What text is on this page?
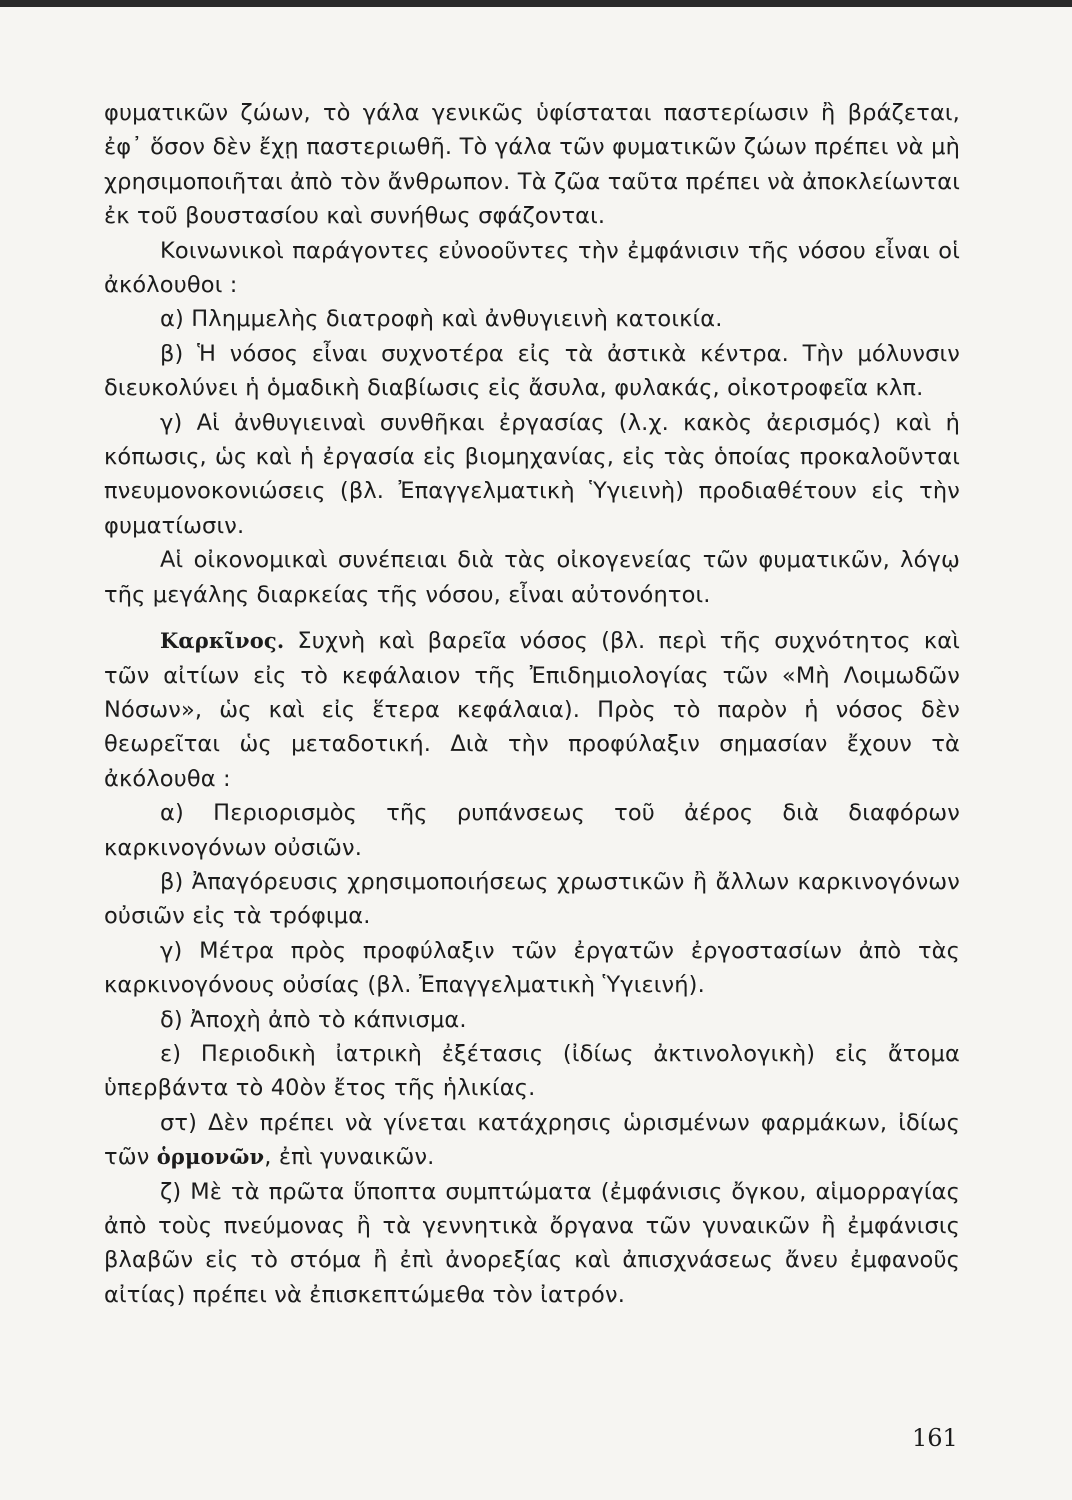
φυματικῶν ζώων, τὸ γάλα γενικῶς ὑφίσταται παστερίωσιν ἢ βράζεται, ἐφ᾽ ὅσον δὲν ἔχῃ παστεριωθῆ. Τὸ γάλα τῶν φυματικῶν ζώων πρέπει νὰ μὴ χρησιμοποιῆται ἀπὸ τὸν ἄνθρωπον. Τὰ ζῶα ταῦτα πρέπει νὰ ἀποκλείωνται ἐκ τοῦ βουστασίου καὶ συνήθως σφάζονται.

Κοινωνικοὶ παράγοντες εὐνοοῦντες τὴν ἐμφάνισιν τῆς νόσου εἶναι οἱ ἀκόλουθοι :

α) Πλημμελὴς διατροφὴ καὶ ἀνθυγιεινὴ κατοικία.

β) Ἡ νόσος εἶναι συχνοτέρα εἰς τὰ ἀστικὰ κέντρα. Τὴν μόλυνσιν διευκολύνει ἡ ὁμαδικὴ διαβίωσις εἰς ἄσυλα, φυλακάς, οἰκοτροφεῖα κλπ.

γ) Αἱ ἀνθυγιειναὶ συνθῆκαι ἐργασίας (λ.χ. κακὸς ἀερισμός) καὶ ἡ κόπωσις, ὡς καὶ ἡ ἐργασία εἰς βιομηχανίας, εἰς τὰς ὁποίας προκαλοῦνται πνευμονοκονιώσεις (βλ. Ἐπαγγελματικὴ Ὑγιεινὴ) προδιαθέτουν εἰς τὴν φυματίωσιν.

Αἱ οἰκονομικαὶ συνέπειαι διὰ τὰς οἰκογενείας τῶν φυματικῶν, λόγῳ τῆς μεγάλης διαρκείας τῆς νόσου, εἶναι αὐτονόητοι.

Καρκῖνος. Συχνὴ καὶ βαρεῖα νόσος (βλ. περὶ τῆς συχνότητος καὶ τῶν αἰτίων εἰς τὸ κεφάλαιον τῆς Ἐπιδημιολογίας τῶν «Μὴ Λοιμωδῶν Νόσων», ὡς καὶ εἰς ἕτερα κεφάλαια). Πρὸς τὸ παρὸν ἡ νόσος δὲν θεωρεῖται ὡς μεταδοτική. Διὰ τὴν προφύλαξιν σημασίαν ἔχουν τὰ ἀκόλουθα :

α) Περιορισμὸς τῆς ρυπάνσεως τοῦ ἀέρος διὰ διαφόρων καρκινογόνων οὐσιῶν.

β) Ἀπαγόρευσις χρησιμοποιήσεως χρωστικῶν ἢ ἄλλων καρκινογόνων οὐσιῶν εἰς τὰ τρόφιμα.

γ) Μέτρα πρὸς προφύλαξιν τῶν ἐργατῶν ἐργοστασίων ἀπὸ τὰς καρκινογόνους οὐσίας (βλ. Ἐπαγγελματικὴ Ὑγιεινή).

δ) Ἀποχὴ ἀπὸ τὸ κάπνισμα.

ε) Περιοδικὴ ἰατρικὴ ἐξέτασις (ἰδίως ἀκτινολογικὴ) εἰς ἄτομα ὑπερβάντα τὸ 40ὸν ἔτος τῆς ἡλικίας.

στ) Δὲν πρέπει νὰ γίνεται κατάχρησις ὡρισμένων φαρμάκων, ἰδίως τῶν ὁρμονῶν, ἐπὶ γυναικῶν.

ζ) Μὲ τὰ πρῶτα ὕποπτα συμπτώματα (ἐμφάνισις ὄγκου, αἱμορραγίας ἀπὸ τοὺς πνεύμονας ἢ τὰ γεννητικὰ ὄργανα τῶν γυναικῶν ἢ ἐμφάνισις βλαβῶν εἰς τὸ στόμα ἢ ἐπὶ ἀνορεξίας καὶ ἀπισχνάσεως ἄνευ ἐμφανοῦς αἰτίας) πρέπει νὰ ἐπισκεπτώμεθα τὸν ἰατρόν.

161
